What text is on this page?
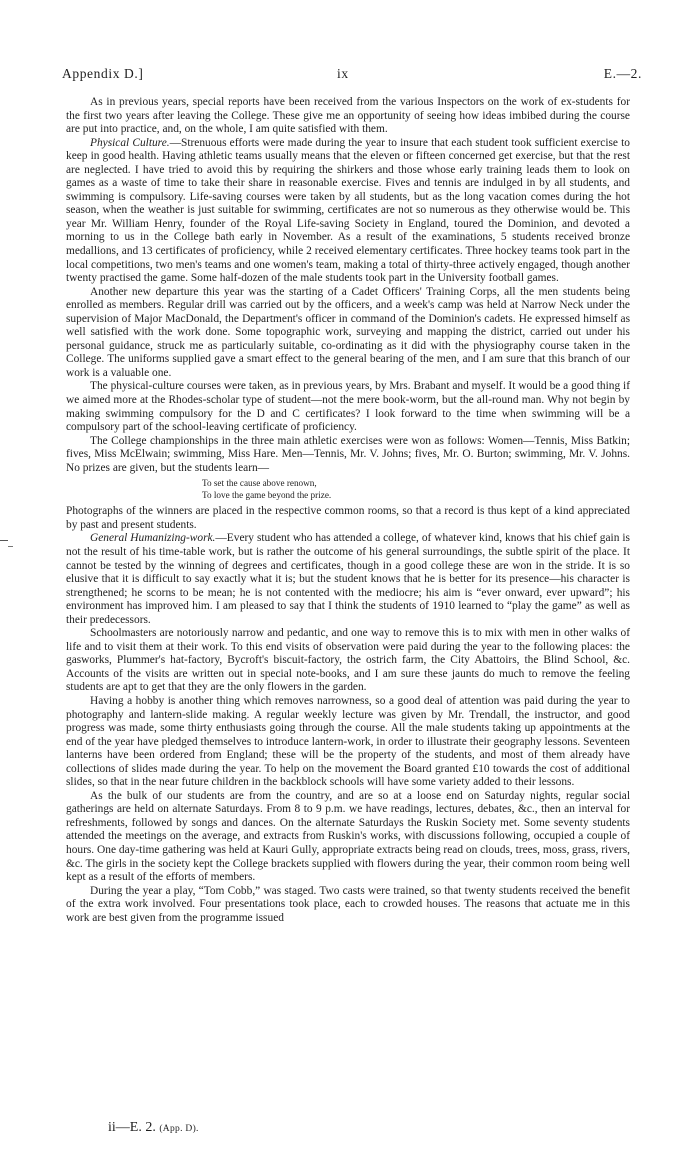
Appendix D.]	ix	E.—2.

As in previous years, special reports have been received from the various Inspectors on the work of ex-students for the first two years after leaving the College. These give me an opportunity of seeing how ideas imbibed during the course are put into practice, and, on the whole, I am quite satisfied with them.

Physical Culture.—Strenuous efforts were made during the year to insure that each student took sufficient exercise to keep in good health. Having athletic teams usually means that the eleven or fifteen concerned get exercise, but that the rest are neglected. I have tried to avoid this by requiring the shirkers and those whose early training leads them to look on games as a waste of time to take their share in reasonable exercise. Fives and tennis are indulged in by all students, and swimming is compulsory. Life-saving courses were taken by all students, but as the long vacation comes during the hot season, when the weather is just suitable for swimming, certificates are not so numerous as they otherwise would be. This year Mr. William Henry, founder of the Royal Life-saving Society in England, toured the Dominion, and devoted a morning to us in the College bath early in November. As a result of the examinations, 5 students received bronze medallions, and 13 certificates of proficiency, while 2 received elementary certificates. Three hockey teams took part in the local competitions, two men's teams and one women's team, making a total of thirty-three actively engaged, though another twenty practised the game. Some half-dozen of the male students took part in the University football games.

Another new departure this year was the starting of a Cadet Officers' Training Corps, all the men students being enrolled as members. Regular drill was carried out by the officers, and a week's camp was held at Narrow Neck under the supervision of Major MacDonald, the Department's officer in command of the Dominion's cadets. He expressed himself as well satisfied with the work done. Some topographic work, surveying and mapping the district, carried out under his personal guidance, struck me as particularly suitable, co-ordinating as it did with the physiography course taken in the College. The uniforms supplied gave a smart effect to the general bearing of the men, and I am sure that this branch of our work is a valuable one.

The physical-culture courses were taken, as in previous years, by Mrs. Brabant and myself. It would be a good thing if we aimed more at the Rhodes-scholar type of student—not the mere book-worm, but the all-round man. Why not begin by making swimming compulsory for the D and C certificates? I look forward to the time when swimming will be a compulsory part of the school-leaving certificate of proficiency.

The College championships in the three main athletic exercises were won as follows: Women—Tennis, Miss Batkin; fives, Miss McElwain; swimming, Miss Hare. Men—Tennis, Mr. V. Johns; fives, Mr. O. Burton; swimming, Mr. V. Johns. No prizes are given, but the students learn—

To set the cause above renown,
To love the game beyond the prize.

Photographs of the winners are placed in the respective common rooms, so that a record is thus kept of a kind appreciated by past and present students.

General Humanizing-work.—Every student who has attended a college, of whatever kind, knows that his chief gain is not the result of his time-table work, but is rather the outcome of his general surroundings, the subtle spirit of the place. It cannot be tested by the winning of degrees and certificates, though in a good college these are won in the stride. It is so elusive that it is difficult to say exactly what it is; but the student knows that he is better for its presence—his character is strengthened; he scorns to be mean; he is not contented with the mediocre; his aim is “ever onward, ever upward”; his environment has improved him. I am pleased to say that I think the students of 1910 learned to “play the game” as well as their predecessors.

Schoolmasters are notoriously narrow and pedantic, and one way to remove this is to mix with men in other walks of life and to visit them at their work. To this end visits of observation were paid during the year to the following places: the gasworks, Plummer's hat-factory, Bycroft's biscuit-factory, the ostrich farm, the City Abattoirs, the Blind School, &c. Accounts of the visits are written out in special note-books, and I am sure these jaunts do much to remove the feeling students are apt to get that they are the only flowers in the garden.

Having a hobby is another thing which removes narrowness, so a good deal of attention was paid during the year to photography and lantern-slide making. A regular weekly lecture was given by Mr. Trendall, the instructor, and good progress was made, some thirty enthusiasts going through the course. All the male students taking up appointments at the end of the year have pledged themselves to introduce lantern-work, in order to illustrate their geography lessons. Seventeen lanterns have been ordered from England; these will be the property of the students, and most of them already have collections of slides made during the year. To help on the movement the Board granted £10 towards the cost of additional slides, so that in the near future children in the backblock schools will have some variety added to their lessons.

As the bulk of our students are from the country, and are so at a loose end on Saturday nights, regular social gatherings are held on alternate Saturdays. From 8 to 9 p.m. we have readings, lectures, debates, &c., then an interval for refreshments, followed by songs and dances. On the alternate Saturdays the Ruskin Society met. Some seventy students attended the meetings on the average, and extracts from Ruskin's works, with discussions following, occupied a couple of hours. One day-time gathering was held at Kauri Gully, appropriate extracts being read on clouds, trees, moss, grass, rivers, &c. The girls in the society kept the College brackets supplied with flowers during the year, their common room being well kept as a result of the efforts of members.

During the year a play, “Tom Cobb,” was staged. Two casts were trained, so that twenty students received the benefit of the extra work involved. Four presentations took place, each to crowded houses. The reasons that actuate me in this work are best given from the programme issued

ii—E. 2. (App. D).
